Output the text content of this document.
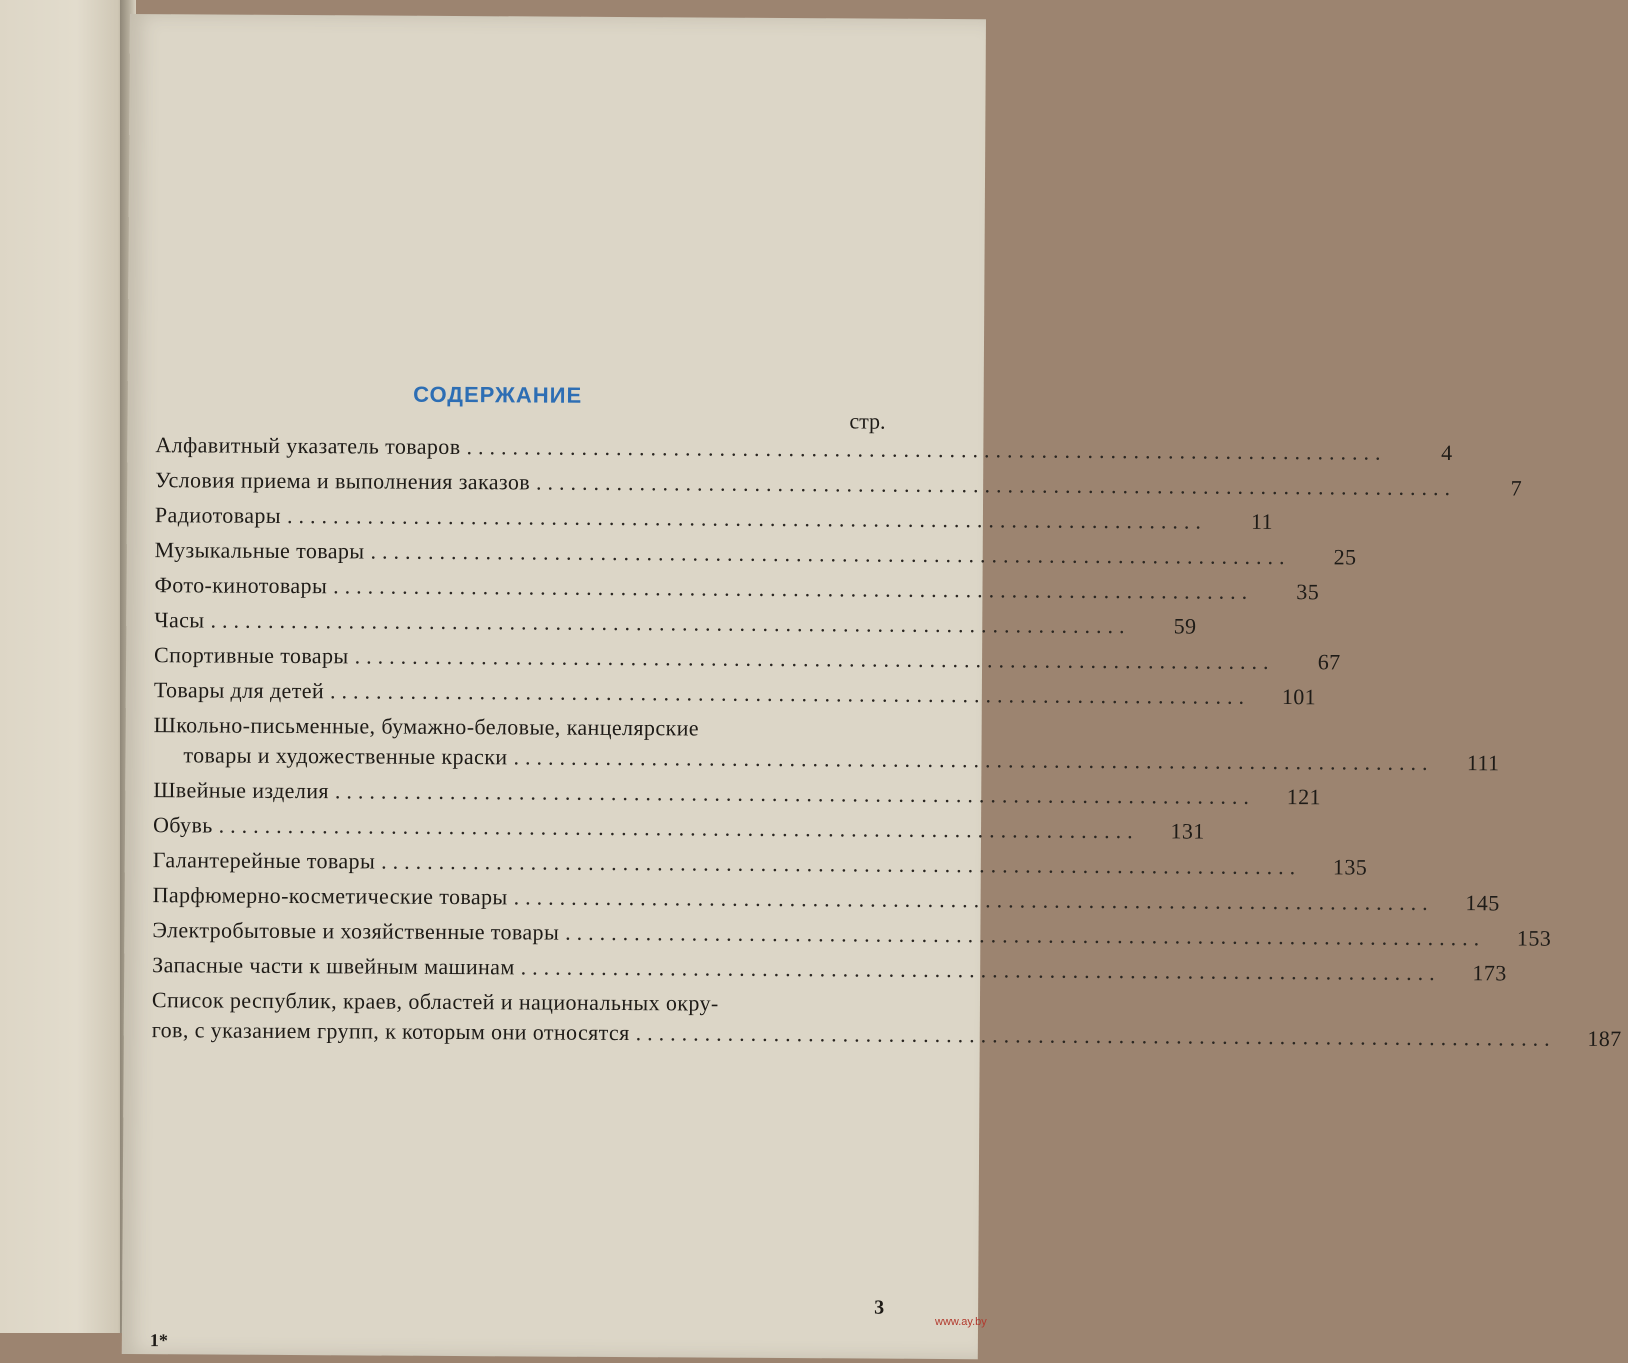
СОДЕРЖАНИЕ
стр.
Алфавитный указатель товаров ................................................................................	4
Условия приема и выполнения заказов ................................................................................	7
Радиотовары ................................................................................	11
Музыкальные товары ................................................................................	25
Фото-кинотовары ................................................................................	35
Часы ................................................................................	59
Спортивные товары ................................................................................	67
Товары для детей ................................................................................	101
Школьно-письменные, бумажно-беловые, канцелярские
товары и художественные краски ................................................................................	111
Швейные изделия ................................................................................	121
Обувь ................................................................................	131
Галантерейные товары ................................................................................	135
Парфюмерно-косметические товары ................................................................................	145
Электробытовые и хозяйственные товары ................................................................................	153
Запасные части к швейным машинам ................................................................................	173
Список республик, краев, областей и национальных окру-
гов, с указанием групп, к которым они относятся ................................................................................	187
3
1*
www.ay.by
